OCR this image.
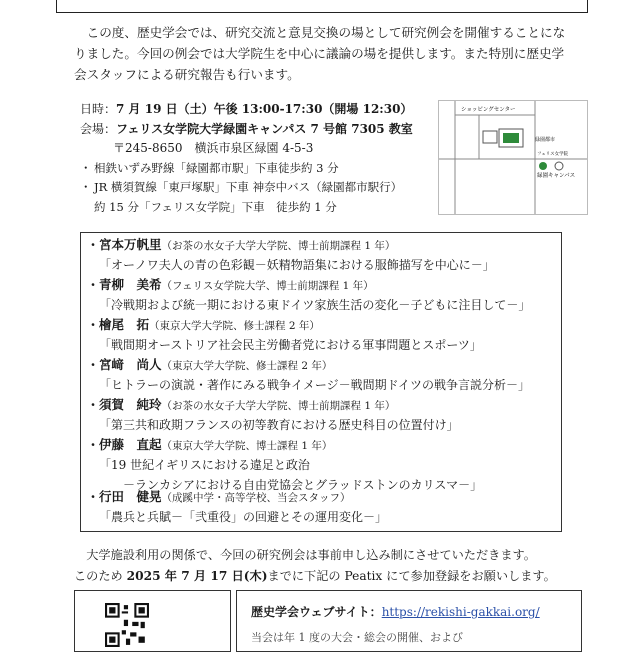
この度、歴史学会では、研究交流と意見交換の場として研究例会を開催することになりました。今回の例会では大学院生を中心に議論の場を提供します。また特別に歴史学会スタッフによる研究報告も行います。
日時：7 月 19 日（土）午後 13:00-17:30（開場 12:30）
会場：フェリス女学院大学緑園キャンパス 7 号館 7305 教室
〒245-8650　横浜市泉区緑園 4-5-3
・ 相鉄いずみ野線「緑園都市駅」下車徒歩約 3 分
・ JR 横須賀線「東戸塚駅」下車 神奈中バス（緑園都市駅行）
約 15 分「フェリス女学院」下車　徒歩約 1 分
ショッピングセンター
緑園都市
緑園キャンパス
フェリス女学院
・宮本万帆里（お茶の水女子大学大学院、博士前期課程 1 年）
「オーノワ夫人の青の色彩観－妖精物語集における服飾描写を中心に－」
・青柳　美希（フェリス女学院大学、博士前期課程 1 年）
「冷戦期および統一期における東ドイツ家族生活の変化－子どもに注目して－」
・檜尾　拓（東京大学大学院、修士課程 2 年）
「戦間期オーストリア社会民主労働者党における軍事問題とスポーツ」
・宮﨑　尚人（東京大学大学院、修士課程 2 年）
「ヒトラーの演説・著作にみる戦争イメージ－戦間期ドイツの戦争言説分析－」
・須賀　純玲（お茶の水女子大学大学院、博士前期課程 1 年）
「第三共和政期フランスの初等教育における歴史科目の位置付け」
・伊藤　直起（東京大学大学院、博士課程 1 年）
「19 世紀イギリスにおける違足と政治
　　－ランカシアにおける自由党協会とグラッドストンのカリスマ－」
・行田　健晃（成蹊中学・高等学校、当会スタッフ）
「農兵と兵賦－「弐重役」の回避とその運用変化－」
大学施設利用の関係で、今回の研究例会は事前申し込み制にさせていただきます。
このため 2025 年 7 月 17 日(木)までに下記の Peatix にて参加登録をお願いします。
歴史学会ウェブサイト：https://rekishi-gakkai.org/
当会は年 1 度の大会・総会の開催、および
